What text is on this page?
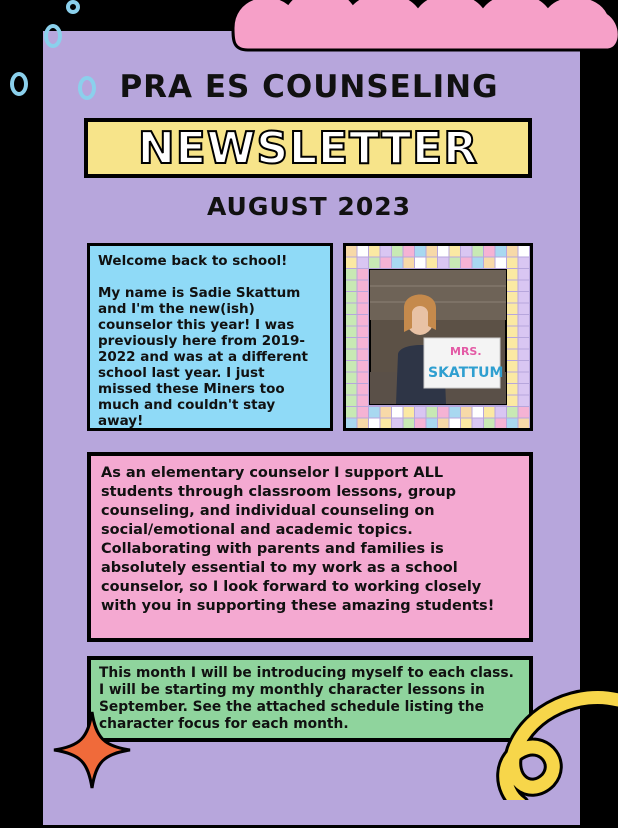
PRA ES COUNSELING
NEWSLETTER
AUGUST 2023

Welcome back to school!

My name is Sadie Skattum and I'm the new(ish) counselor this year! I was previously here from 2019-2022 and was at a different school last year. I just missed these Miners too much and couldn't stay away!

MRS.
SKATTUM
As an elementary counselor I support ALL students through classroom lessons, group counseling, and individual counseling on social/emotional and academic topics. Collaborating with parents and families is absolutely essential to my work as a school counselor, so I look forward to working closely with you in supporting these amazing students!
This month I will be introducing myself to each class. I will be starting my monthly character lessons in September. See the attached schedule listing the character focus for each month.
